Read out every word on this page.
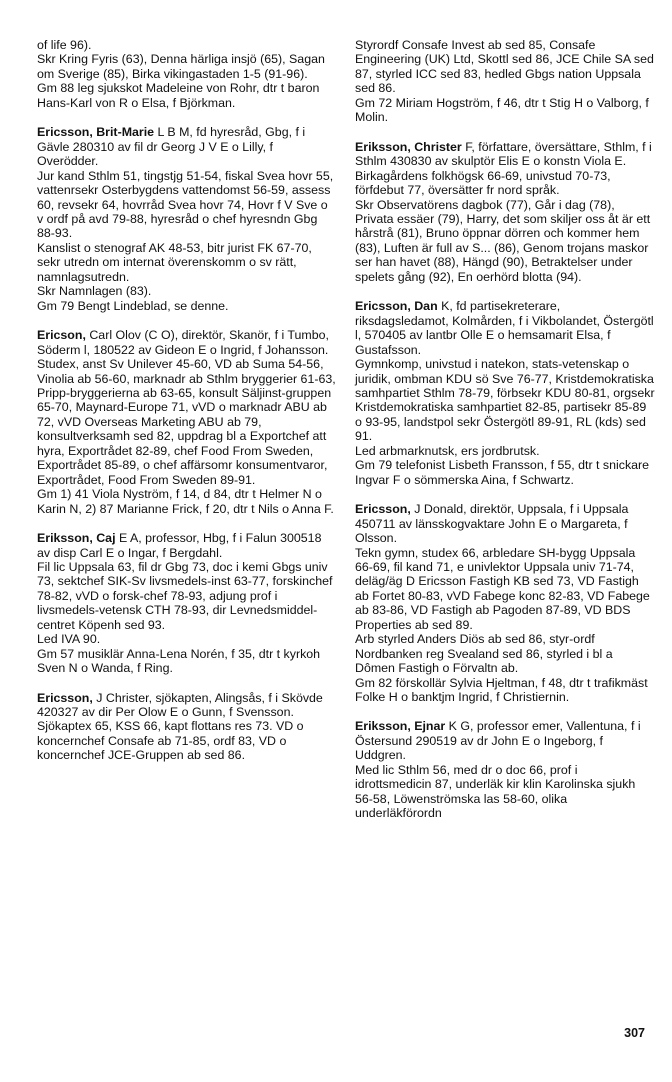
of life 96).
Skr Kring Fyris (63), Denna härliga insjö (65), Sagan om Sverige (85), Birka vikingastaden 1-5 (91-96).
Gm 88 leg sjukskot Madeleine von Rohr, dtr t baron Hans-Karl von R o Elsa, f Björkman.

Ericsson, Brit-Marie L B M, fd hyresråd, Gbg, f i Gävle 280310 av fil dr Georg J V E o Lilly, f Overödder.
Jur kand Sthlm 51, tingstjg 51-54, fiskal Svea hovr 55, vattenrsekr Osterbygdens vattendomst 56-59, assess 60, revsekr 64, hovrråd Svea hovr 74, Hovr f V Sve o v ordf på avd 79-88, hyresråd o chef hyresndn Gbg 88-93.
Kanslist o stenograf AK 48-53, bitr jurist FK 67-70, sekr utredn om internat överenskomm o sv rätt, namnlagsutredn.
Skr Namnlagen (83).
Gm 79 Bengt Lindeblad, se denne.

Ericson, Carl Olov (C O), direktör, Skanör, f i Tumbo, Söderm l, 180522 av Gideon E o Ingrid, f Johansson.
Studex, anst Sv Unilever 45-60, VD ab Suma 54-56, Vinolia ab 56-60, marknadr ab Sthlm bryggerier 61-63, Pripp-bryggerierna ab 63-65, konsult Säljinst-gruppen 65-70, Maynard-Europe 71, vVD o marknadr ABU ab 72, vVD Overseas Marketing ABU ab 79, konsultverksamh sed 82, uppdrag bl a Exportchef att hyra, Exportrådet 82-89, chef Food From Sweden, Exportrådet 85-89, o chef affärsomr konsumentvaror, Exportrådet, Food From Sweden 89-91.
Gm 1) 41 Viola Nyström, f 14, d 84, dtr t Helmer N o Karin N, 2) 87 Marianne Frick, f 20, dtr t Nils o Anna F.

Eriksson, Caj E A, professor, Hbg, f i Falun 300518 av disp Carl E o Ingar, f Bergdahl.
Fil lic Uppsala 63, fil dr Gbg 73, doc i kemi Gbgs univ 73, sektchef SIK-Sv livsmedels-inst 63-77, forskinchef 78-82, vVD o forsk-chef 78-93, adjung prof i livsmedels-vetensk CTH 78-93, dir Levnedsmiddel-centret Köpenh sed 93.
Led IVA 90.
Gm 57 musiklär Anna-Lena Norén, f 35, dtr t kyrkoh Sven N o Wanda, f Ring.

Ericsson, J Christer, sjökapten, Alingsås, f i Skövde 420327 av dir Per Olow E o Gunn, f Svensson.
Sjökaptex 65, KSS 66, kapt flottans res 73. VD o koncernchef Consafe ab 71-85, ordf 83, VD o koncernchef JCE-Gruppen ab sed 86.

Styrordf Consafe Invest ab sed 85, Consafe Engineering (UK) Ltd, Skottl sed 86, JCE Chile SA sed 87, styrled ICC sed 83, hedled Gbgs nation Uppsala sed 86.
Gm 72 Miriam Hogström, f 46, dtr t Stig H o Valborg, f Molin.

Eriksson, Christer F, författare, översättare, Sthlm, f i Sthlm 430830 av skulptör Elis E o konstn Viola E.
Birkagårdens folkhögsk 66-69, univstud 70-73, förfdebut 77, översätter fr nord språk.
Skr Observatörens dagbok (77), Går i dag (78), Privata essäer (79), Harry, det som skiljer oss åt är ett hårstrå (81), Bruno öppnar dörren och kommer hem (83), Luften är full av S... (86), Genom trojans maskor ser han havet (88), Hängd (90), Betraktelser under spelets gång (92), En oerhörd blotta (94).

Ericsson, Dan K, fd partisekreterare, riksdagsledamot, Kolmården, f i Vikbolandet, Östergötl l, 570405 av lantbr Olle E o hemsamarit Elsa, f Gustafsson.
Gymnkomp, univstud i natekon, stats-vetenskap o juridik, ombman KDU sö Sve 76-77, Kristdemokratiska samhpartiet Sthlm 78-79, förbsekr KDU 80-81, orgsekr Kristdemokratiska samhpartiet 82-85, partisekr 85-89 o 93-95, landstpol sekr Östergötl 89-91, RL (kds) sed 91.
Led arbmarknutsk, ers jordbrutsk.
Gm 79 telefonist Lisbeth Fransson, f 55, dtr t snickare Ingvar F o sömmerska Aina, f Schwartz.

Ericsson, J Donald, direktör, Uppsala, f i Uppsala 450711 av länsskogvaktare John E o Margareta, f Olsson.
Tekn gymn, studex 66, arbledare SH-bygg Uppsala 66-69, fil kand 71, e univlektor Uppsala univ 71-74, deläg/äg D Ericsson Fastigh KB sed 73, VD Fastigh ab Fortet 80-83, vVD Fabege konc 82-83, VD Fabege ab 83-86, VD Fastigh ab Pagoden 87-89, VD BDS Properties ab sed 89.
Arb styrled Anders Diös ab sed 86, styr-ordf Nordbanken reg Svealand sed 86, styrled i bl a Dômen Fastigh o Förvaltn ab.
Gm 82 förskollär Sylvia Hjeltman, f 48, dtr t trafikmäst Folke H o banktjm Ingrid, f Christiernin.

Eriksson, Ejnar K G, professor emer, Vallentuna, f i Östersund 290519 av dr John E o Ingeborg, f Uddgren.
Med lic Sthlm 56, med dr o doc 66, prof i idrottsmedicin 87, underläk kir klin Karolinska sjukh 56-58, Löwenströmska las 58-60, olika underläkförordn

307
